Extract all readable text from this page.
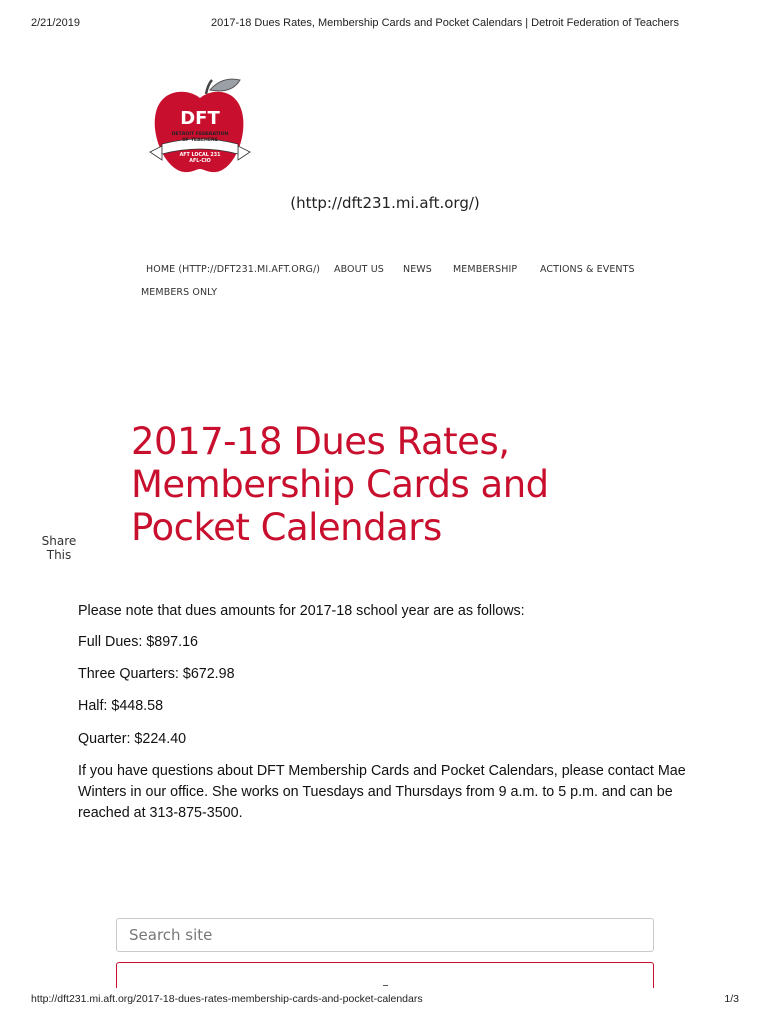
2/21/2019	2017-18 Dues Rates, Membership Cards and Pocket Calendars | Detroit Federation of Teachers
DFT
DETROIT FEDERATION
OF TEACHERS
AFT LOCAL 231
AFL-CIO
(http://dft231.mi.aft.org/)
HOME (HTTP://DFT231.MI.AFT.ORG/) ABOUT US NEWS MEMBERSHIP ACTIONS & EVENTS
MEMBERS ONLY
2017-18 Dues Rates, Membership Cards and Pocket Calendars
Share
This

Please note that dues amounts for 2017-18 school year are as follows:

Full Dues: $897.16

Three Quarters: $672.98

Half: $448.58

Quarter: $224.40

If you have questions about DFT Membership Cards and Pocket Calendars, please contact Mae Winters in our office. She works on Tuesdays and Thursdays from 9 a.m. to 5 p.m. and can be reached at 313-875-3500.

Search site
http://dft231.mi.aft.org/2017-18-dues-rates-membership-cards-and-pocket-calendars	1/3
